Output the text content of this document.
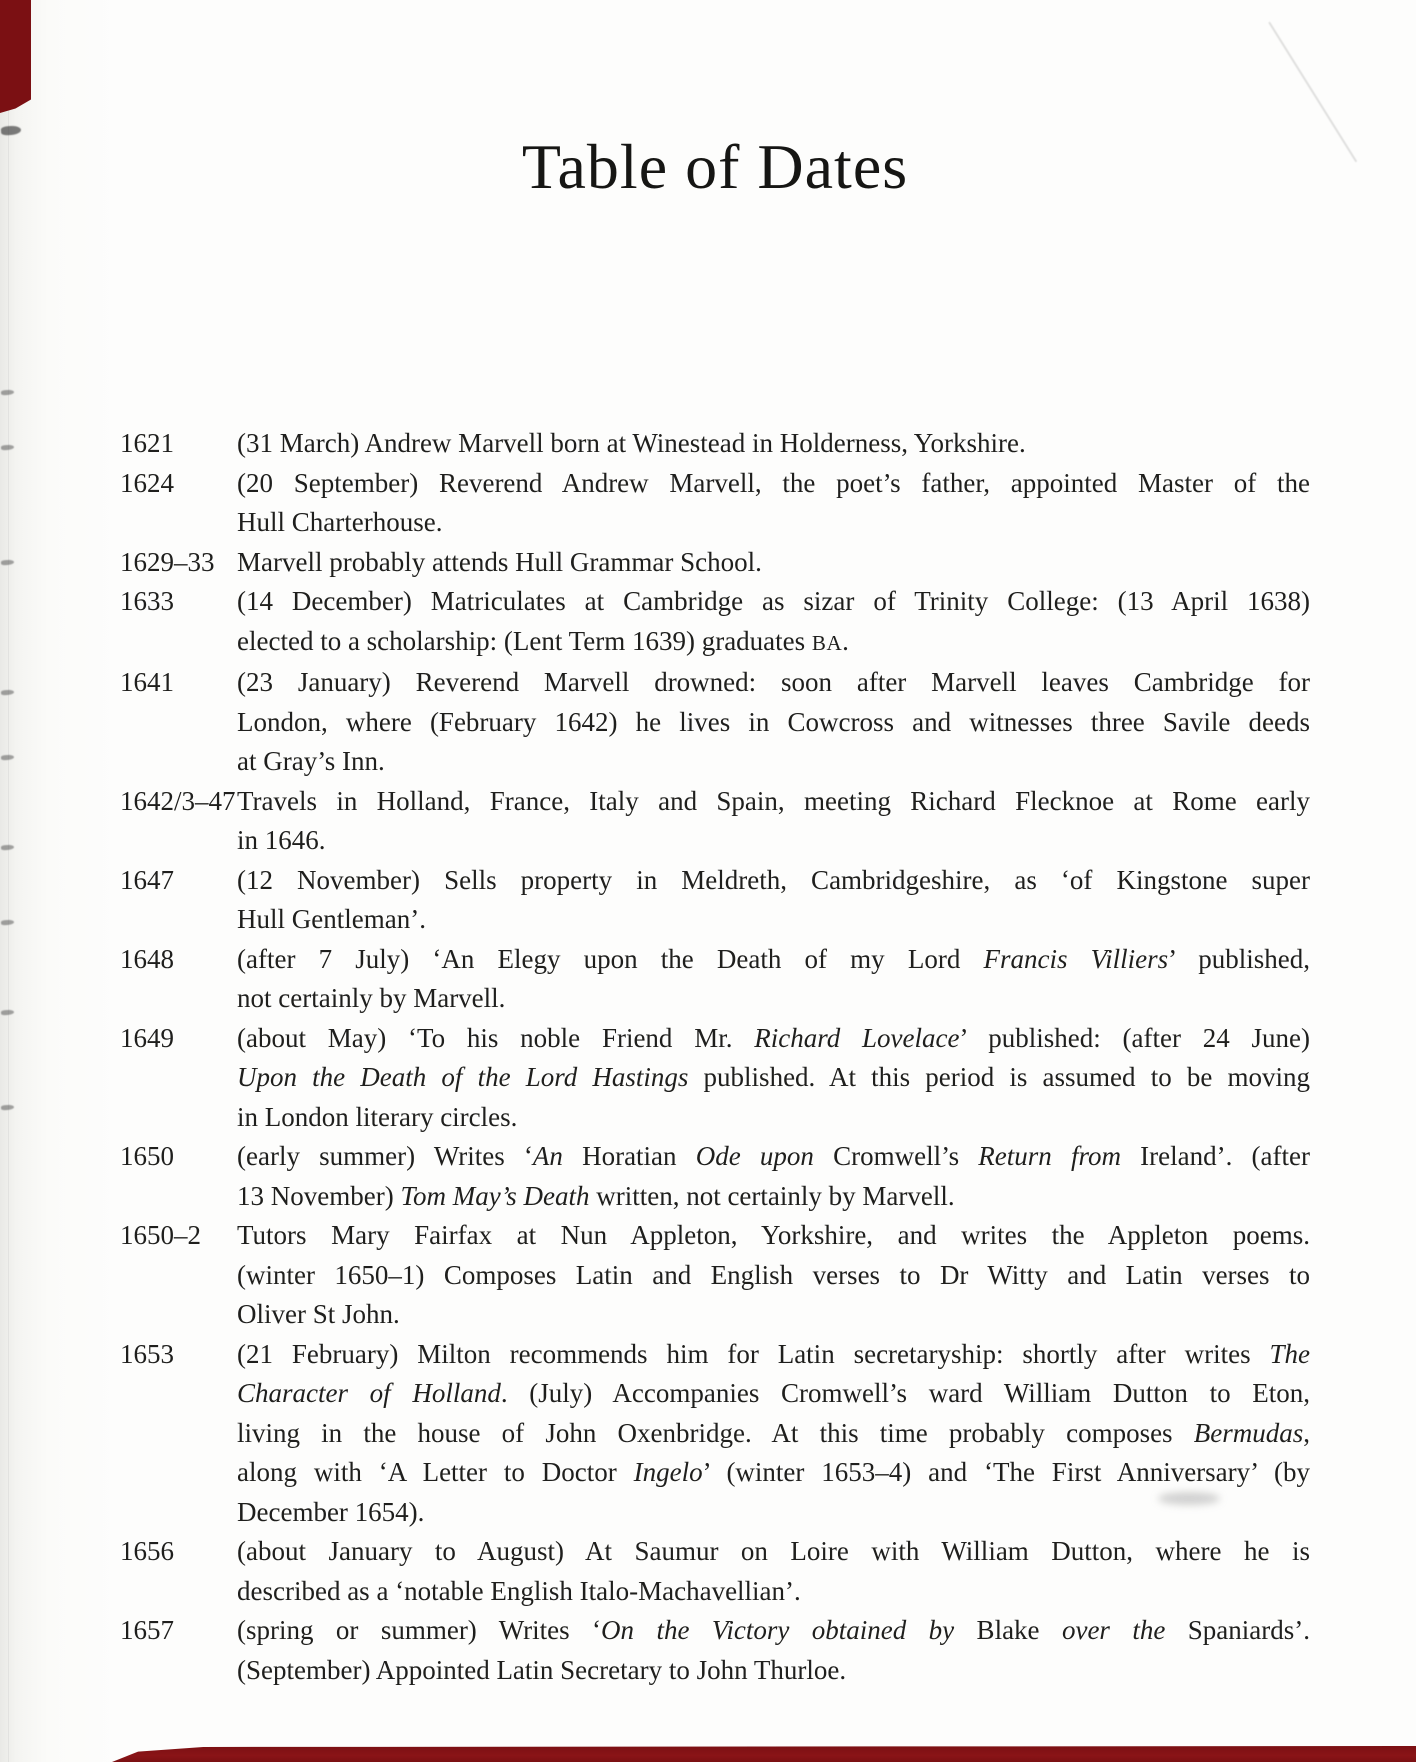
Table of Dates
1621	(31 March) Andrew Marvell born at Winestead in Holderness, Yorkshire.
1624	(20 September) Reverend Andrew Marvell, the poet’s father, appointed Master of the
Hull Charterhouse.
1629–33 Marvell probably attends Hull Grammar School.
1633	(14 December) Matriculates at Cambridge as sizar of Trinity College: (13 April 1638)
elected to a scholarship: (Lent Term 1639) graduates BA.
1641	(23 January) Reverend Marvell drowned: soon after Marvell leaves Cambridge for
London, where (February 1642) he lives in Cowcross and witnesses three Savile deeds
at Gray’s Inn.
1642/3–47 Travels in Holland, France, Italy and Spain, meeting Richard Flecknoe at Rome early
in 1646.
1647	(12 November) Sells property in Meldreth, Cambridgeshire, as ‘of Kingstone super
Hull Gentleman’.
1648	(after 7 July) ‘An Elegy upon the Death of my Lord Francis Villiers’ published,
not certainly by Marvell.
1649	(about May) ‘To his noble Friend Mr. Richard Lovelace’ published: (after 24 June)
Upon the Death of the Lord Hastings published. At this period is assumed to be moving
in London literary circles.
1650	(early summer) Writes ‘An Horatian Ode upon Cromwell’s Return from Ireland’. (after
13 November) Tom May’s Death written, not certainly by Marvell.
1650–2	Tutors Mary Fairfax at Nun Appleton, Yorkshire, and writes the Appleton poems.
(winter 1650–1) Composes Latin and English verses to Dr Witty and Latin verses to
Oliver St John.
1653	(21 February) Milton recommends him for Latin secretaryship: shortly after writes The
Character of Holland. (July) Accompanies Cromwell’s ward William Dutton to Eton,
living in the house of John Oxenbridge. At this time probably composes Bermudas,
along with ‘A Letter to Doctor Ingelo’ (winter 1653–4) and ‘The First Anniversary’ (by
December 1654).
1656	(about January to August) At Saumur on Loire with William Dutton, where he is
described as a ‘notable English Italo-Machavellian’.
1657	(spring or summer) Writes ‘On the Victory obtained by Blake over the Spaniards’.
(September) Appointed Latin Secretary to John Thurloe.
